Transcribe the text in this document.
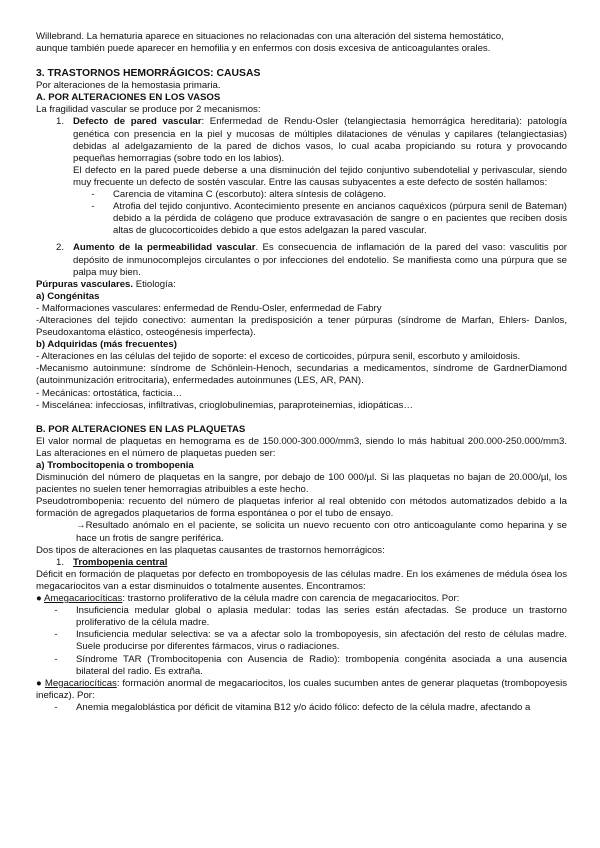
Willebrand. La hematuria aparece en situaciones no relacionadas con una alteración del sistema hemostático,

aunque también puede aparecer en hemofilia y en enfermos con dosis excesiva de anticoagulantes orales.

3. TRASTORNOS HEMORRÁGICOS: CAUSAS

Por alteraciones de la hemostasia primaria.

A. POR ALTERACIONES EN LOS VASOS

La fragilidad vascular se produce por 2 mecanismos:

1. Defecto de pared vascular: Enfermedad de Rendu-Osler (telangiectasia hemorrágica hereditaria): patología genética con presencia en la piel y mucosas de múltiples dilataciones de vénulas y capilares (telangiectasias) debidas al adelgazamiento de la pared de dichos vasos, lo cual acaba propiciando su rotura y provocando pequeñas hemorragias (sobre todo en los labios).

El defecto en la pared puede deberse a una disminución del tejido conjuntivo subendotelial y perivascular, siendo muy frecuente un defecto de sostén vascular. Entre las causas subyacentes a este defecto de sostén hallamos:

-	Carencia de vitamina C (escorbuto): altera síntesis de colágeno.
-	Atrofia del tejido conjuntivo. Acontecimiento presente en ancianos caquéxicos (púrpura senil de Bateman) debido a la pérdida de colágeno que produce extravasación de sangre o en pacientes que reciben dosis altas de glucocorticoides debido a que estos adelgazan la pared vascular.
2. Aumento de la permeabilidad vascular. Es consecuencia de inflamación de la pared del vaso: vasculitis por depósito de inmunocomplejos circulantes o por infecciones del endotelio. Se manifiesta como una púrpura que se palpa muy bien.

Púrpuras vasculares. Etiología:

a) Congénitas

- Malformaciones vasculares: enfermedad de Rendu-Osler, enfermedad de Fabry

-Alteraciones del tejido conectivo: aumentan la predisposición a tener púrpuras (síndrome de Marfan, Ehlers- Danlos, Pseudoxantoma elástico, osteogénesis imperfecta).

b) Adquiridas (más frecuentes)

- Alteraciones en las células del tejido de soporte: el exceso de corticoides, púrpura senil, escorbuto y amiloidosis.

-Mecanismo autoinmune: síndrome de Schönlein-Henoch, secundarias a medicamentos, síndrome de GardnerDiamond (autoinmunización eritrocitaria), enfermedades autoinmunes (LES, AR, PAN).

- Mecánicas: ortostática, facticia…

- Miscelánea: infecciosas, infiltrativas, crioglobulinemias, paraproteinemias, idiopáticas…

B. POR ALTERACIONES EN LAS PLAQUETAS

El valor normal de plaquetas en hemograma es de 150.000-300.000/mm3, siendo lo más habitual 200.000-250.000/mm3. Las alteraciones en el número de plaquetas pueden ser:

a) Trombocitopenia o trombopenia

Disminución del número de plaquetas en la sangre, por debajo de 100 000/µl. Si las plaquetas no bajan de 20.000/µl, los pacientes no suelen tener hemorragias atribuibles a este hecho.

Pseudotrombopenia: recuento del número de plaquetas inferior al real obtenido con métodos automatizados debido a la formación de agregados plaquetarios de forma espontánea o por el tubo de ensayo.

→Resultado anómalo en el paciente, se solicita un nuevo recuento con otro anticoagulante como heparina y se hace un frotis de sangre periférica.

Dos tipos de alteraciones en las plaquetas causantes de trastornos hemorrágicos:

1. Trombopenia central

Déficit en formación de plaquetas por defecto en trombopoyesis de las células madre. En los exámenes de médula ósea los megacariocitos van a estar disminuidos o totalmente ausentes. Encontramos:

● Amegacariocíticas: trastorno proliferativo de la célula madre con carencia de megacariocitos. Por:

-	Insuficiencia medular global o aplasia medular: todas las series están afectadas. Se produce un trastorno proliferativo de la célula madre.
-	Insuficiencia medular selectiva: se va a afectar solo la trombopoyesis, sin afectación del resto de células madre. Suele producirse por diferentes fármacos, virus o radiaciones.
-	Síndrome TAR (Trombocitopenia con Ausencia de Radio): trombopenia congénita asociada a una ausencia bilateral del radio. Es extraña.

● Megacariocíticas: formación anormal de megacariocitos, los cuales sucumben antes de generar plaquetas (trombopoyesis ineficaz). Por:

-	Anemia megaloblástica por déficit de vitamina B12 y/o ácido fólico: defecto de la célula madre, afectando a
